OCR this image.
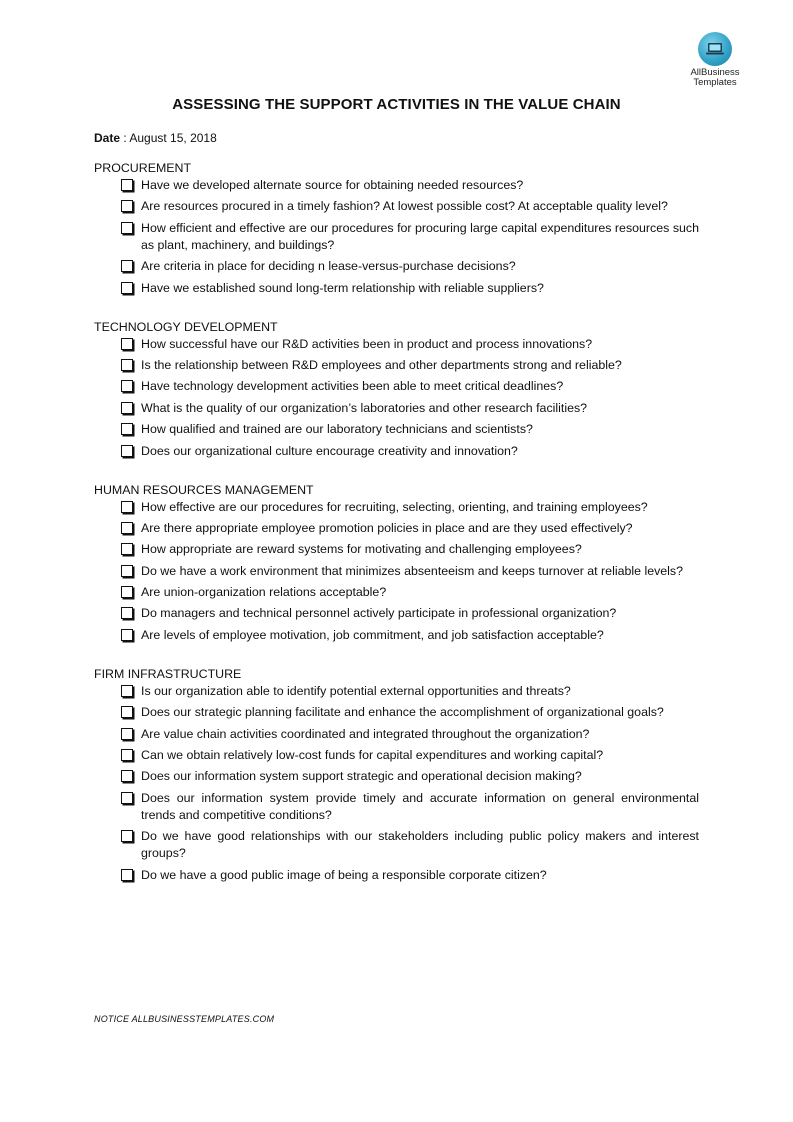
AllBusiness
Templates
ASSESSING THE SUPPORT ACTIVITIES IN THE VALUE CHAIN
Date : August 15, 2018
PROCUREMENT
Have we developed alternate source for obtaining needed resources?
Are resources procured in a timely fashion? At lowest possible cost? At acceptable quality level?
How efficient and effective are our procedures for procuring large capital expenditures resources such as plant, machinery, and buildings?
Are criteria in place for deciding n lease-versus-purchase decisions?
Have we established sound long-term relationship with reliable suppliers?
TECHNOLOGY DEVELOPMENT
How successful have our R&D activities been in product and process innovations?
Is the relationship between R&D employees and other departments strong and reliable?
Have technology development activities been able to meet critical deadlines?
What is the quality of our organization’s laboratories and other research facilities?
How qualified and trained are our laboratory technicians and scientists?
Does our organizational culture encourage creativity and innovation?
HUMAN RESOURCES MANAGEMENT
How effective are our procedures for recruiting, selecting, orienting, and training employees?
Are there appropriate employee promotion policies in place and are they used effectively?
How appropriate are reward systems for motivating and challenging employees?
Do we have a work environment that minimizes absenteeism and keeps turnover at reliable levels?
Are union-organization relations acceptable?
Do managers and technical personnel actively participate in professional organization?
Are levels of employee motivation, job commitment, and job satisfaction acceptable?
FIRM INFRASTRUCTURE
Is our organization able to identify potential external opportunities and threats?
Does our strategic planning facilitate and enhance the accomplishment of organizational goals?
Are value chain activities coordinated and integrated throughout the organization?
Can we obtain relatively low-cost funds for capital expenditures and working capital?
Does our information system support strategic and operational decision making?
Does our information system provide timely and accurate information on general environmental trends and competitive conditions?
Do we have good relationships with our stakeholders including public policy makers and interest groups?
Do we have a good public image of being a responsible corporate citizen?
NOTICE ALLBUSINESSTEMPLATES.COM
